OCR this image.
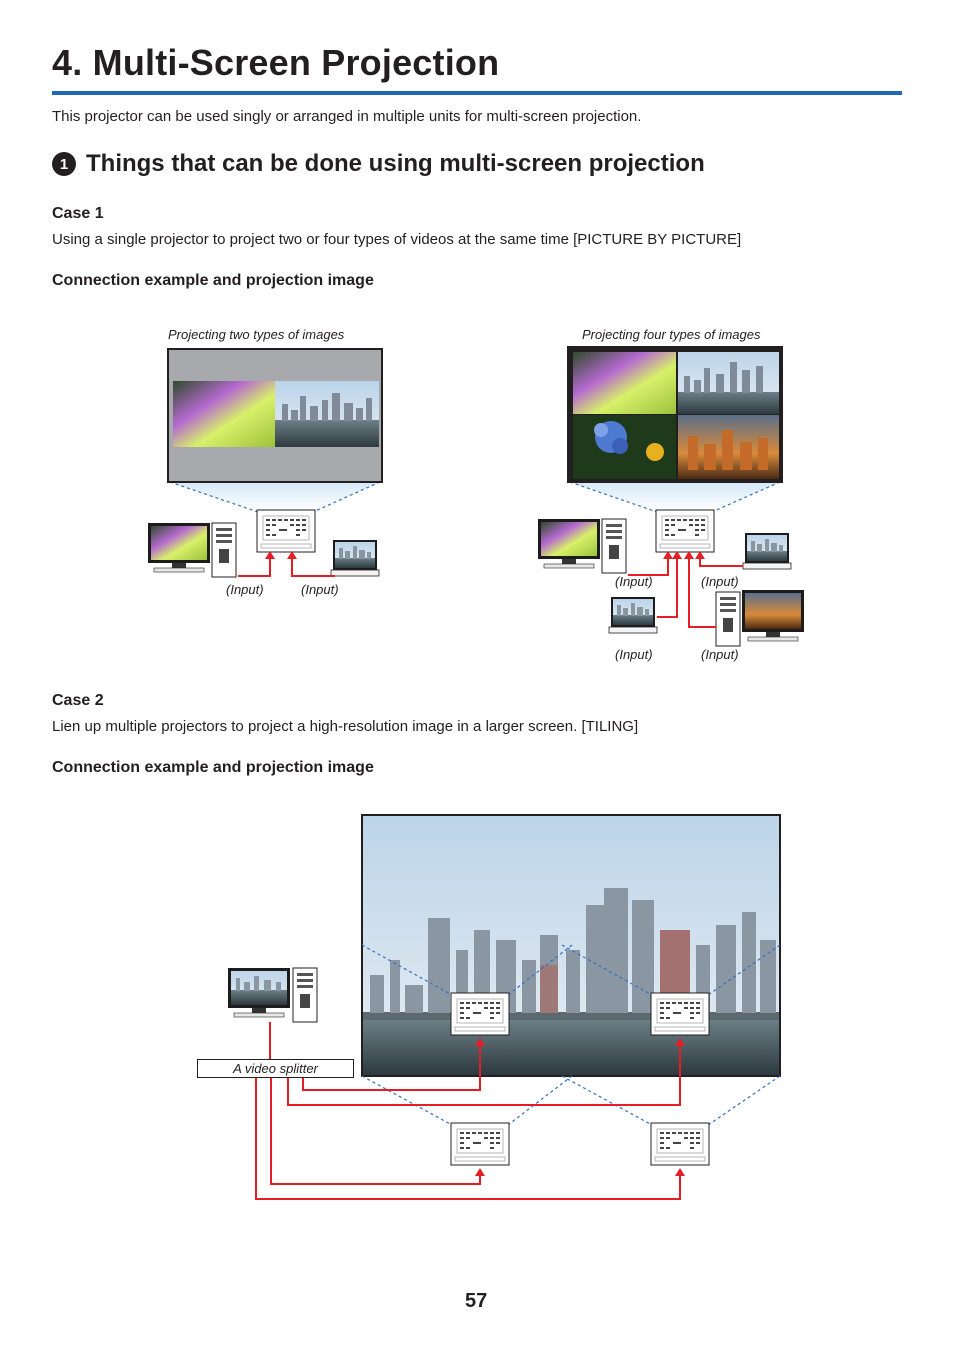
4. Multi-Screen Projection
This projector can be used singly or arranged in multiple units for multi-screen projection.
1 Things that can be done using multi-screen projection
Case 1
Using a single projector to project two or four types of videos at the same time [PICTURE BY PICTURE]
Connection example and projection image
Projecting two types of images	Projecting four types of images
Case 2
Lien up multiple projectors to project a high-resolution image in a larger screen. [TILING]
Connection example and projection image
(Input)	(Input)
(Input)	(Input)
(Input)	(Input)
A video splitter
57
